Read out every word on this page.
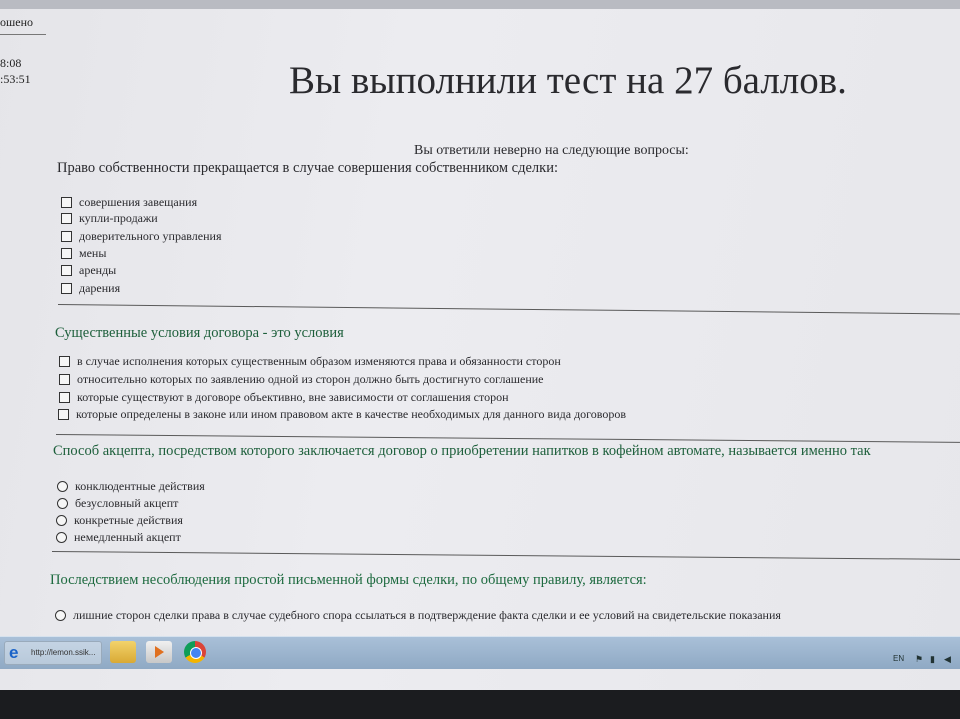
ошено
8:08
:53:51	Вы выполнили тест на 27 баллов.
Вы ответили неверно на следующие вопросы:
Право собственности прекращается в случае совершения собственником сделки:
совершения завещания
купли-продажи
доверительного управления
мены
аренды
дарения
Существенные условия договора - это условия
в случае исполнения которых существенным образом изменяются права и обязанности сторон
относительно которых по заявлению одной из сторон должно быть достигнуто соглашение
которые существуют в договоре объективно, вне зависимости от соглашения сторон
которые определены в законе или ином правовом акте в качестве необходимых для данного вида договоров
Способ акцепта, посредством которого заключается договор о приобретении напитков в кофейном автомате, называется именно так
конклюдентные действия
безусловный акцепт
конкретные действия
немедленный акцепт
Последствием несоблюдения простой письменной формы сделки, по общему правилу, является:
лишние сторон сделки права в случае судебного спора ссылаться в подтверждение факта сделки и ее условий на свидетельские показания
e http://lemon.ssik...
EN ⚑ ▮ ◀
